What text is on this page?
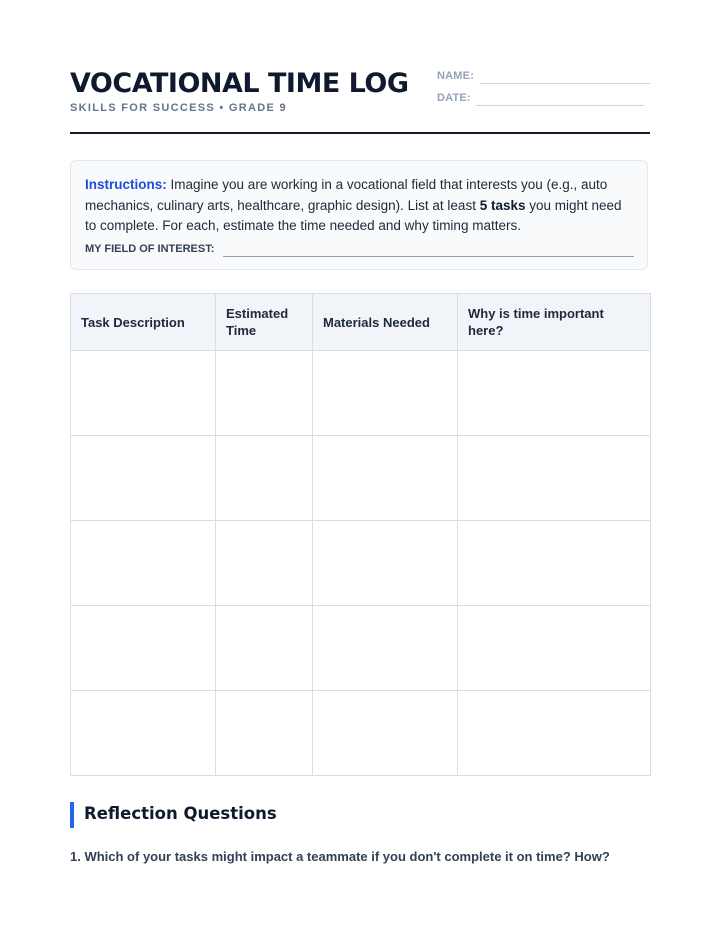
VOCATIONAL TIME LOG
SKILLS FOR SUCCESS • GRADE 9
NAME:
DATE:

Instructions: Imagine you are working in a vocational field that interests you (e.g., auto mechanics, culinary arts, healthcare, graphic design). List at least 5 tasks you might need to complete. For each, estimate the time needed and why timing matters.

MY FIELD OF INTEREST:
Task Description	Estimated Time	Materials Needed	Why is time important here?

Reflection Questions

1. Which of your tasks might impact a teammate if you don't complete it on time? How?
